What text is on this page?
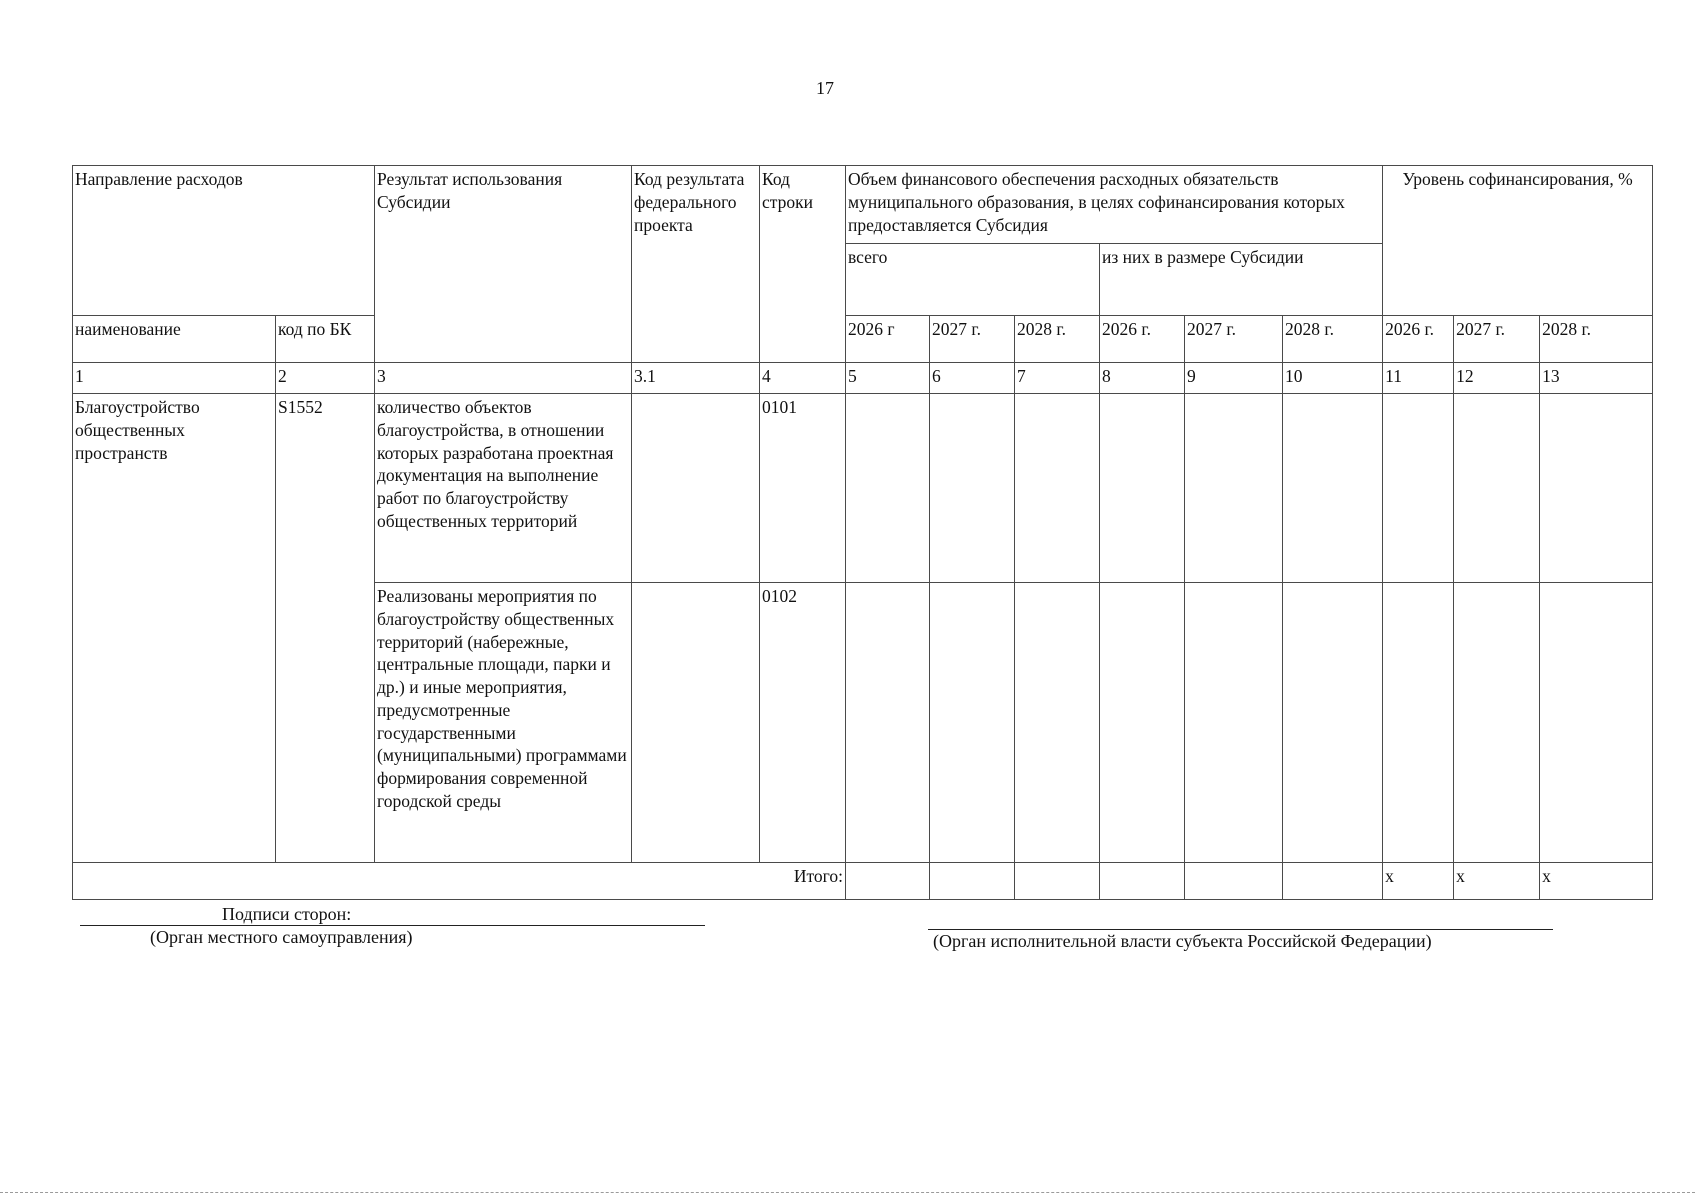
17
Направление расходов		Результат использования Субсидии	Код результата федерального проекта	Код строки	Объем финансового обеспечения расходных обязательств муниципального образования, в целях софинансирования которых предоставляется Субсидия						Уровень софинансирования, %		
					всего			из них в размере Субсидии					
наименование	код по БК				2026 г	2027 г.	2028 г.	2026 г.	2027 г.	2028 г.	2026 г.	2027 г.	2028 г.
1	2	3	3.1	4	5	6	7	8	9	10	11	12	13
Благоустройство общественных пространств	S1552	количество объектов благоустройства, в отношении которых разработана проектная документация на выполнение работ по благоустройству общественных территорий		0101									
		Реализованы мероприятия по благоустройству общественных территорий (набережные, центральные площади, парки и др.) и иные мероприятия, предусмотренные государственными (муниципальными) программами формирования современной городской среды		0102									
Итого:											x	x	x
Подписи сторон:
(Орган местного самоуправления)	(Орган исполнительной власти субъекта Российской Федерации)
